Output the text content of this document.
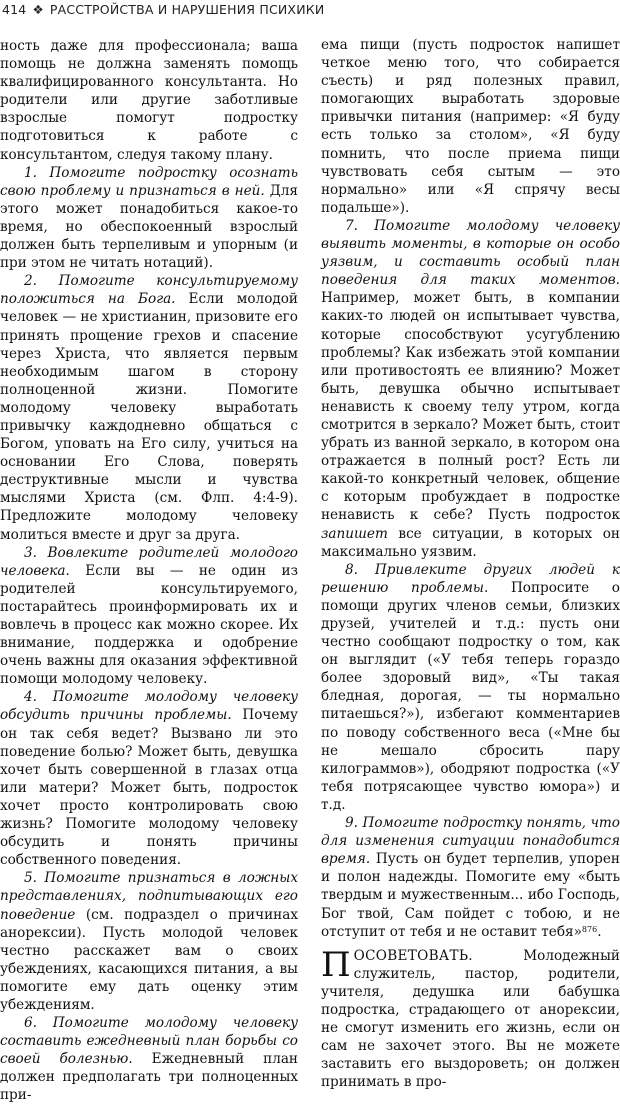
414 ❖ РАССТРОЙСТВА И НАРУШЕНИЯ ПСИХИКИ

ность даже для профессионала; ваша помощь не должна заменять помощь квалифицированного консультанта. Но родители или другие заботливые взрослые помогут подростку подготовиться к работе с консультантом, следуя такому плану.

1. Помогите подростку осознать свою проблему и признаться в ней. Для этого может понадобиться какое-то время, но обеспокоенный взрослый должен быть терпеливым и упорным (и при этом не читать нотаций).

2. Помогите консультируемому положиться на Бога. Если молодой человек — не христианин, призовите его принять прощение грехов и спасение через Христа, что является первым необходимым шагом в сторону полноценной жизни. Помогите молодому человеку выработать привычку каждодневно общаться с Богом, уповать на Его силу, учиться на основании Его Слова, поверять деструктивные мысли и чувства мыслями Христа (см. Флп. 4:4-9). Предложите молодому человеку молиться вместе и друг за друга.

3. Вовлеките родителей молодого человека. Если вы — не один из родителей консультируемого, постарайтесь проинформировать их и вовлечь в процесс как можно скорее. Их внимание, поддержка и одобрение очень важны для оказания эффективной помощи молодому человеку.

4. Помогите молодому человеку обсудить причины проблемы. Почему он так себя ведет? Вызвано ли это поведение болью? Может быть, девушка хочет быть совершенной в глазах отца или матери? Может быть, подросток хочет просто контролировать свою жизнь? Помогите молодому человеку обсудить и понять причины собственного поведения.

5. Помогите признаться в ложных представлениях, подпитывающих его поведение (см. подраздел о причинах анорексии). Пусть молодой человек честно расскажет вам о своих убеждениях, касающихся питания, а вы помогите ему дать оценку этим убеждениям.

6. Помогите молодому человеку составить ежедневный план борьбы со своей болезнью. Ежедневный план должен предполагать три полноценных при-

ема пищи (пусть подросток напишет четкое меню того, что собирается съесть) и ряд полезных правил, помогающих выработать здоровые привычки питания (например: «Я буду есть только за столом», «Я буду помнить, что после приема пищи чувствовать себя сытым — это нормально» или «Я спрячу весы подальше»).

7. Помогите молодому человеку выявить моменты, в которые он особо уязвим, и составить особый план поведения для таких моментов. Например, может быть, в компании каких-то людей он испытывает чувства, которые способствуют усугублению проблемы? Как избежать этой компании или противостоять ее влиянию? Может быть, девушка обычно испытывает ненависть к своему телу утром, когда смотрится в зеркало? Может быть, стоит убрать из ванной зеркало, в котором она отражается в полный рост? Есть ли какой-то конкретный человек, общение с которым пробуждает в подростке ненависть к себе? Пусть подросток запишет все ситуации, в которых он максимально уязвим.

8. Привлеките других людей к решению проблемы. Попросите о помощи других членов семьи, близких друзей, учителей и т.д.: пусть они честно сообщают подростку о том, как он выглядит («У тебя теперь гораздо более здоровый вид», «Ты такая бледная, дорогая, — ты нормально питаешься?»), избегают комментариев по поводу собственного веса («Мне бы не мешало сбросить пару килограммов»), ободряют подростка («У тебя потрясающее чувство юмора») и т.д.

9. Помогите подростку понять, что для изменения ситуации понадобится время. Пусть он будет терпелив, упорен и полон надежды. Помогите ему «быть твердым и мужественным... ибо Господь, Бог твой, Сам пойдет с тобою, и не отступит от тебя и не оставит тебя»$^{876}$.

ПОСОВЕТОВАТЬ. Молодежный служитель, пастор, родители, учителя, дедушка или бабушка подростка, страдающего от анорексии, не смогут изменить его жизнь, если он сам не захочет этого. Вы не можете заставить его выздороветь; он должен принимать в про-
